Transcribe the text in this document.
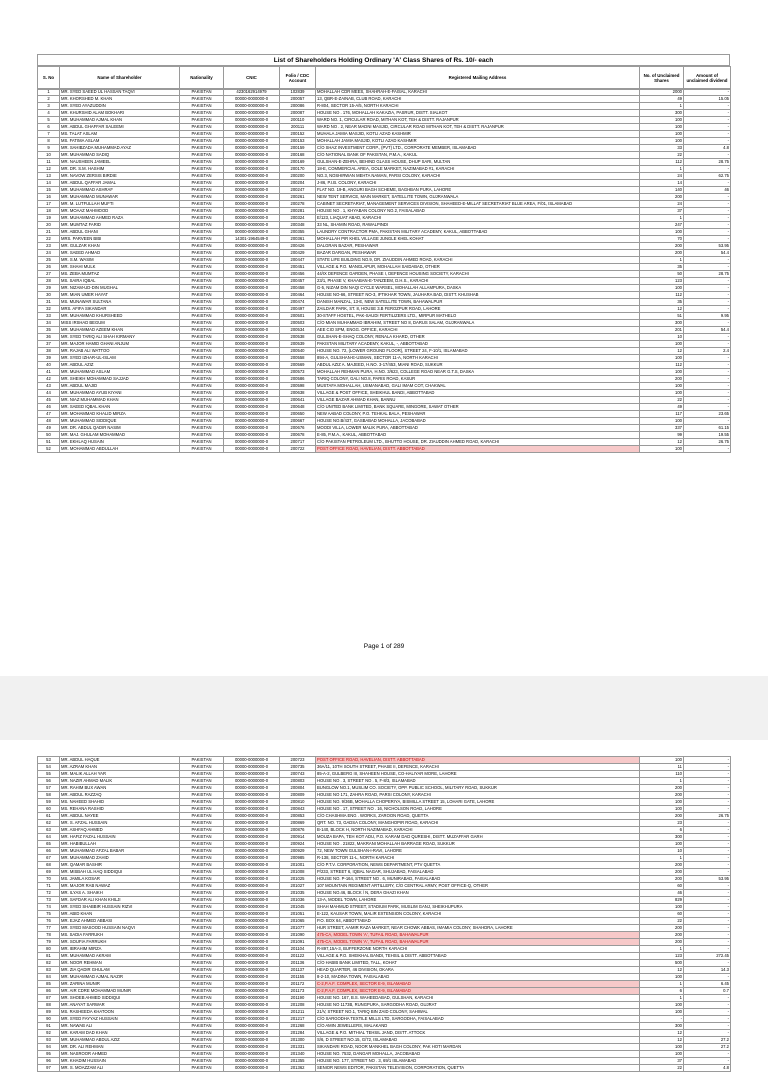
List of Shareholders Holding Ordinary 'A' Class Shares of Rs. 10/- each
S. No	Name of Shareholder	Nationality	CNIC	Folio / CDC Account	Registered Mailing Address	No. of Unclaimed Shares	Amount of unclaimed dividend
1	MR. SYED SAEED UL HASSAN TAQVI	PAKISTAN	4230162914979	102839	MOHALLAH CDR MEES, SHAHRAH-E-FAISAL, KARACHI	2000	-
2	MR. KHORSHED M. KHAN	PAKISTAN	00000-0000000-0	200057	13, QBR-E-ZAINAB, CLUB ROAD, KARACHI	49	15.05
3	MR. SYED AYAZUDDIN	PAKISTAN	00000-0000000-0	200086	R-804, SECTOR 15-A/5, NORTH KARACHI	1	-
4	MR. KHURSHID ALAM BOKHARI	PAKISTAN	00000-0000000-0	200087	HOUSE NO . 176, MOHALLAH KAKAZIA, PASRUR, DISTT. SIALKOT	300	-
5	MR. MUHAMMAD AJMAL KHAN	PAKISTAN	00000-0000000-0	200110	WARD NO. 1, CIRCULAR ROAD, MITHAN KOT, TEH & DISTT. RAJANPUR	100	-
6	MR. ABDUL GHAFFAR SALEEMI	PAKISTAN	00000-0000000-0	200111	WARD NO . 2, NEAR MADNI MASJID, CIRCULAR ROAD MITHAN KOT, TEH & DISTT. RAJANPUR	100	-
7	MS. TALAT ASLAM	PAKISTAN	00000-0000000-0	200152	MUHALA JAMIA MASJID, KOTLI AZAD KASHMIR	100	-
8	MS. FATIMA ASLAM	PAKISTAN	00000-0000000-0	200153	MOHALLAH JAMIA MASJID, KOTLI AZAD KASHMIR	100	-
9	MR. SAHIBZADA MUHAMMAD AYAZ	PAKISTAN	00000-0000000-0	200159	C/O SHAZ INVESTMENT CORP., (PVT) LTD., CORPORATE MEMBER, ISLAMABAD	33	4.8
10	MR. MUHAMMAD SADIQ	PAKISTAN	00000-0000000-0	200168	C/O NATIONAL BANK OF PAKISTAN, P.M.A., KAKUL	22	-
11	MR. NAUSHEEN JAMEEL	PAKISTAN	00000-0000000-0	200169	GULSHAN-E-ZEHRA, BEHIND GLASS HOUSE, DHUP SARI, MULTAN	112	28.75
12	MR. DR. S.M. HASHIM	PAKISTAN	00000-0000000-0	200170	18-E, COMMERCIAL AREA, GOLE MARKET, NAZIMABAD #1, KARACHI	1	-
13	MR. NAVOW ZERSIS BIRDIE	PAKISTAN	00000-0000000-0	200200	NO.3, NOSHIRWAN MEHTA NAMAN, PARSI COLONY, KARACHI	24	62.75
14	MR. ABDUL QAFFAR JAMAL	PAKISTAN	00000-0000000-0	200204	J-86, P.I.B. COLONY, KARACHI	14	-
15	MR. MUHAMMAD ASHRAF	PAKISTAN	00000-0000000-0	200247	FLAT NO. 19-B, ANGURI BAGH SCHEME, BAGHBAN PURA, LAHORE	140	46
16	MR. MUHAMMAD MUNAWAR	PAKISTAN	00000-0000000-0	200261	NEW TENT SERVICE, MAIN MARKET, SATELLITE TOWN, GUJRANWALA	200	-
17	MR. M. LUTFULLAH MUFTI	PAKISTAN	00000-0000000-0	200278	CABINET SECRETARIAT, MANAGEMENT SERVICES DIVISION, SHAHEED-E-MILLAT SECRETARIAT BLUE AREA, F/01, ISLAMABAD	24	-
18	MR. MOAAZ MAHMOOD	PAKISTAN	00000-0000000-0	200281	HOUSE NO . 1, KHYABAN COLONY NO.2, FAISALABAD	37	-
19	MR. MUHAMMAD AHMED RAZA	PAKISTAN	00000-0000000-0	200324	E/123, LIAQUAT ABAD, KARACHI	1	-
20	MR. MUMTAZ FARID	PAKISTAN	00000-0000000-0	200348	33 NL, SHAMIN ROAD, RAWALPINDI	247	-
21	MR. ABDUL GHANI	PAKISTAN	00000-0000000-0	200355	LAUNDRY CONTRACTOR PMA, PAKISTAN MILITARY ACADEMY, KAKUL, ABBOTTABAD	100	-
22	MRS. PARVEEN BIBI	PAKISTAN	14301-1964549-0	200361	MOHALLAH PIR KHEL VILLAGE JUNGLE KHEL KOHAT	70	-
23	MR. GULZAR KHAN	PAKISTAN	00000-0000000-0	200426	DALGRAN BAZAR, PESHAWAR	200	53.95
24	MR. SAEED AHMAD	PAKISTAN	00000-0000000-0	200429	BAZAR DARGAN, PESHAWAR	200	54.4
25	MR. S.M. WASIM	PAKISTAN	00000-0000000-0	200447	STATE LIFE BUILDING NO.9, DR. ZIAUDDIN AHMED ROAD, KARACHI	1	-
26	MR. SHAHI MULK	PAKISTAN	00000-0000000-0	200451	VILLAGE & P.O. MANGLAPUR, MOHALLAH SAIDABAD, OTHER	35	-
27	MS. ZEBA MUMTAZ	PAKISTAN	00000-0000000-0	200456	44/IX DEFENCE GARDEN, PHASE I, DEFENCE HOUSING SOCIETY, KARACHI	50	28.75
28	MS. SAIRA IQBAL	PAKISTAN	00000-0000000-0	200457	23/1, PHASE V, KHAABAN-E-TANZEEM, D.H.S., KARACHI	123	-
29	MR. NIZAM-UD-DIN MUGHAL	PAKISTAN	00000-0000000-0	200458	G-5, NIZAM DIN NAQI CYCLE WARSEL, MOHALLAH ALLAMPURA, DASKA	100	-
30	MR. MIAN UMER HAYAT	PAKISTAN	00000-0000000-0	200464	HOUSE NO-66, STREET NO-3, IFTIKHAR TOWN, JAUHARA BAD, DISTT. KHUSHAB	112	-
31	MS. MUNAWAR SULTANA	PAKISTAN	00000-0000000-0	200474	DANISH MANZAL, 13-E, NEW SATELLITE TOWN, BAHAWALPUR	35	-
32	MRS. AFIFA SIKANDAR	PAKISTAN	00000-0000000-0	200497	ZAILDAR PARK, ST. 8, HOUSE 3.B FEROZPUR ROAD, LAHORE	12	-
33	MR. MUHAMMAD KHURSHEED	PAKISTAN	00000-0000000-0	200501	30-STAFF HOSTEL, PAK-SAUDI FERTILIZERS LTD., MIRPUR MATHELO	51	9.95
34	MISS IRSHAD BEGUM	PAKISTAN	00000-0000000-0	200503	C/O MIAN MUHAMMAD IBRAHIM, STREET NO 8, DARUS SALAM, GUJRANWALA	300	-
35	MR. MUHAMMAD AZEEM KHAN	PAKISTAN	00000-0000000-0	200534	AEE CIO SPM, ENGG. OFFICE, KARACHI	201	54.4
36	MR. SYED TARIQ ALI SHAH KIRMANY	PAKISTAN	00000-0000000-0	200538	GULSHAN-E-SHAQ COLONY, RENALA KHARD, OTHER	10	-
37	MR. MAJOR HAMID GHANI ANJUM	PAKISTAN	00000-0000000-0	200539	PAKISTAN MILITARY ACADEMY, KAKUL, -, ABBOTTABAD	100	-
38	MR. RAJAB ALI WATTOO	PAKISTAN	00000-0000000-0	200540	HOUSE NO. 72, (LOWER GROUND FLOOR), STREET 24, F-10/1, ISLAMABAD	12	2.4
39	MR. SYED IZHAR-UL-ISLAM	PAKISTAN	00000-0000000-0	200558	894-A, GULSHAN-E-USMAN, SECTOR 11-A, NORTH KARACHI	100	-
40	MR. ABDUL AZIZ	PAKISTAN	00000-0000000-0	200569	ABDUL AZIZ A. MAJEED, H.NO. 3-17/453, MIANI ROAD, SUKKUR	112	-
41	MR. MUHAMMAD ASLAM	PAKISTAN	00000-0000000-0	200573	MOHALLAH REHMAN PURA, H.NO. 3/623, COLLEGE ROAD NEAR G.T.S, DASKA	100	-
42	MR. SHEIKH MOHAMMAD SAJJAD	PAKISTAN	00000-0000000-0	200586	TARIQ COLONY, GALI NO.8, PARIS ROAD, KASUR	200	-
43	MR. ABDUL MAJID	PAKISTAN	00000-0000000-0	200598	MUSTAFA MOHALLAH, USMANABAD, GALI IMAM COT, CHAKWAL	100	-
44	MR. MUHAMMAD AYUB KIYANI	PAKISTAN	00000-0000000-0	200638	VILLAGE & POST OFFICE, SHEIKHUL BANDI, ABBOTTABAD	100	-
45	MR. NIAZ MUHAMMAD KHAN	PAKISTAN	00000-0000000-0	200641	VILLAGE BAZAR AHMAD KHAN, BANNU	22	-
46	MR. SAEED IQBAL KHAN	PAKISTAN	00000-0000000-0	200648	C/O UNITED BANK LIMITED, BANK SQUARE, MINGORE, SAWAT OTHER	49	-
47	MR. MOHAMMAD KHALID MIRZA	PAKISTAN	00000-0000000-0	200650	NEW AABAD COLONY, P.O. TEHKAL BALA, PESHAWAR	117	23.65
48	MR. MUHAMMAD SIDDIQUE	PAKISTAN	00000-0000000-0	200667	HOUSE NO.B/437, GASBABAD MOHALLA, JACOBABAD	100	-
49	MR. DR. ABDUL QADIR NASIM	PAKISTAN	00000-0000000-0	200676	MOODI VILLA, LOWER MALIK PURA, ABBOTTABAD	337	61.15
50	MR. MAJ. GHULAM MOHAMMAD	PAKISTAN	00000-0000000-0	200678	E-85, P.M.A., KAKUL, ABBOTTABAD	99	19.55
51	MR. EKHLAQ HUSAIN	PAKISTAN	00000-0000000-0	200717	C/O PAKISTAN PETROLEUM LTD., BHUTTO HOUSE, DR. ZIAUDDIN AHMED ROAD, KARACHI	12	26.75
52	MR. MOHAMMAD ABDULLAH	PAKISTAN	00000-0000000-0	200722	POST OFFICE ROAD, HAVELIAN, DISTT. ABBOTTABAD	100	-
Page 1 of 289
53	MR. ABDUL HAQUE	PAKISTAN	00000-0000000-0	200723	POST OFFICE ROAD, HAVELIAN, DISTT. ABBOTTABAD	100	-
54	MR. AZRAM KHAN	PAKISTAN	00000-0000000-0	200735	36A/11, 10TH SOUTH STREET, PHASE II, DEFENCE, KARACHI	11	-
55	MR. MALIK ALLAH YAR	PAKISTAN	00000-0000000-0	200743	85-A-2, GULBERG III, SHAHEEN HOUSE, CO-HALIYAR MORE, LAHORE	110	-
56	MR. NAZIR AHMAD MALIK	PAKISTAN	00000-0000000-0	200803	HOUSE NO . 3, STREET NO . 5, F-8/3, ISLAMABAD	1	-
57	MR. RAHIM BUX AWAN	PAKISTAN	00000-0000000-0	200804	BUNGLOW NO.1, MUSLIM CO. SOCIETY, OPP. PUBLIC SCHOOL, MILITARY ROAD, SUKKUR	200	-
58	MR. ABDUL RAZZAQ	PAKISTAN	00000-0000000-0	200809	HOUSE NO 171, ZAHRA ROAD, PARSI COLONY, KARACHI	200	-
59	MS. NAHEED SHAHID	PAKISTAN	00000-0000000-0	200810	HOUSE NO. 9/36B, MOHALLA CHOPERIYA, BISMILLA STREET 15, LOHARI GATE, LAHORE	100	-
60	MS. REHANA RASHID	PAKISTAN	00000-0000000-0	200843	HOUSE NO . 17, STREET NO . 16, NICHOLSON ROAD, LAHORE	100	-
61	MR. ABDUL NAYEE	PAKISTAN	00000-0000000-0	200853	C/O CHASHMA ENG . WORKS, ZAROON ROAD, QUETTA	200	26.75
62	MR. S. AFZAL HUSSAIN	PAKISTAN	00000-0000000-0	200869	QRT. NO. 73, GADSA COLONY, MANGHOPIR ROAD, KARACHI	23	-
63	MR. ASHFAQ AHMED	PAKISTAN	00000-0000000-0	200876	B-140, BLOCK H, NORTH NAZIMABAD, KARACHI	6	-
64	MR. HAFIZ FAZAL HUSSAIN	PAKISTAN	00000-0000000-0	200914	MOUZA BAPA, TEH KOT ADU, P.O. KARAM DAD QURESHI, DISTT. MUZAFFAR GARH	300	-
65	MR. HABIBULLAH	PAKISTAN	00000-0000000-0	200924	HOUSE NO . 21822, MAKRANI MOHALLAH BARRAGE ROAD, SUKKUR	100	-
66	MR. MUHAMMAD AFZAL BABAR	PAKISTAN	00000-0000000-0	200929	72, NEW TOWN GULSHAN-I-RAVI, LAHORE	10	-
67	MR. MUHAMMAD ZAHID	PAKISTAN	00000-0000000-0	200985	R-138, SECTOR 11-L, NORTH KARACHI	1	-
68	MR. QAMAR BASHIR	PAKISTAN	00000-0000000-0	201001	C/O P.T.V. CORPORATION, NEWS DEPARTMENT, PTV QUETTA	200	-
69	MR. MISBAH UL HAQ SIDDIQUI	PAKISTAN	00000-0000000-0	201008	P/233, STREET 6, IQBAL NAGAR, SHUJABAD, FAISALABAD	200	-
70	MS. JAMILA KOSAR	PAKISTAN	00000-0000000-0	201025	HOUSE NO. P-164, STREET NO . 6, MUNIRABAD, FAISALABAD	200	53.95
71	MR. MAJOR RAB NAWAZ	PAKISTAN	00000-0000000-0	201027	107 MOUNTAIN REGIMENT ARTILLERY, C/O CENTRAL ARMY, POST OFFICE-Q, OTHER	60	-
72	MR. ILYAS A. SHAIKH	PAKISTAN	00000-0000000-0	201035	HOUSE NO.46, BLOCK / N, DERA GHAZI KHAN	46	-
73	MR. SAFDAR ALI KHAN KHILJI	PAKISTAN	00000-0000000-0	201036	13-A, MODEL TOWN, LAHORE	829	-
74	MR. SYED SHABBIR HUSSAIN RIZVI	PAKISTAN	00000-0000000-0	201045	SHAH MAHMUD STREET, STADIUM PARK, MUSLIM GANJ, SHEIKHUPURA	100	-
75	MR. ABID KHAN	PAKISTAN	00000-0000000-0	201051	E-122, KAUSAR TOWN, MALIR EXTENSION COLONY, KARACHI	60	-
76	MR. EJAZ AHMED ABBASI	PAKISTAN	00000-0000000-0	201065	P.O. BOX 64, ABBOTTABAD	22	-
77	MR. SYED MASOOD HUSSAIN NAQVI	PAKISTAN	00000-0000000-0	201077	HUR STREET, AAMIR RAZA MARKET, NEAR CHOWK ABBAS, IMAMIA COLONY, SHAHDRA, LAHORE	200	-
78	MS. SADIA FARRUKH	PAKISTAN	00000-0000000-0	201090	475-CA, MODEL TOWN 'A', TUFAIL ROAD, BAHAWALPUR	200	-
79	MR. SOUFIA FARRUKH	PAKISTAN	00000-0000000-0	201091	475-CA, MODEL TOWN 'A', TUFAIL ROAD, BAHAWALPUR	200	-
80	MR. IBRAHIM MIRZA	PAKISTAN	00000-0000000-0	201104	R-897,15A-3, BUFFERZONE NORTH KARACHI	1	-
81	MR. MUHAMMAD AKRAM	PAKISTAN	00000-0000000-0	201122	VILLAGE & P.O. SHEIKHAL BANDI, TEHSIL & DISTT. ABBOTTABAD	123	272.45
82	MR. NOOR REHMAN	PAKISTAN	00000-0000000-0	201136	C/O HABIB BANK LIMITED, TALL, KOHAT	500	-
83	MR. ZIA QADIR GHULAM	PAKISTAN	00000-0000000-0	201137	HEAD QUARTER, 46 DIVISION, OKARA	12	14.3
84	MR. MUHAMMAD AJMAL NAZIR	PAKISTAN	00000-0000000-0	201155	8-2-10, MADINA TOWN, FAISALABAD	100	-
85	MR. ZARINA MUNIR	PAKISTAN	00000-0000000-0	201172	C-2,P.A.F. COMPLEX, SECTOR E-9, ISLAMABAD	1	6.45
86	MR. AIR CDRE MOHAMMAD MUNIR	PAKISTAN	00000-0000000-0	201173	C-2,P.A.F. COMPLEX, SECTOR E-9, ISLAMABAD	6	0.7
87	MR. SHOEB AHMED SIDDIQUI	PAKISTAN	00000-0000000-0	201190	HOUSE NO. 167, B.S. WAHEEDABAD, GULSHAN, KARACHI	1	-
88	MR. ANAYAT SARWAR	PAKISTAN	00000-0000000-0	201208	HOUSE NO 1173B, RUNGPURA, SARGODHA ROAD, GUJRAT	100	-
89	MS. RASHEEDA KHATOON	PAKISTAN	00000-0000000-0	201211	21/V, STREET NO.1, TARIQ BIN ZAID COLONY, SAHIWAL	100	-
90	MR. SYED FAYYAZ HUSSAIN	PAKISTAN	00000-0000000-0	201217	C/O SARGODHA TEXTILE MILLS LTD, SARGODHA, FAISALABAD	-	-
91	MR. NAWAB ALI	PAKISTAN	00000-0000000-0	201268	C/O AMIN JEWELLERS, MALAKAND	300	-
92	MR. KARAM DAD KHAN	PAKISTAN	00000-0000000-0	201284	VILLAGE & P.O. MITHIAL TEHSIL JAND, DISTT. ATTOCK	12	-
93	MR. MUHAMMAD ABDUL AZIZ	PAKISTAN	00000-0000000-0	201300	S/6, D STREET NO.15, G/72, ISLAMABAD	12	27.2
94	MR. DR. ALI REHMAN	PAKISTAN	00000-0000000-0	201331	SIKANDARI ROAD, NOOR MANKHEL BAGH COLONY, PAK HOTI MARDAN	100	27.2
95	MR. NASROOR AHMED	PAKISTAN	00000-0000000-0	201340	HOUSE NO. 7532, DANGAR MOHALLA, JACOBABAD	100	-
96	MR. KHADIM HUSSAIN	PAKISTAN	00000-0000000-0	201355	HOUSE NO. 177, STREET NO . 3, 69/1 ISLAMABAD	37	-
97	MR. S. MOAZZAM ALI	PAKISTAN	00000-0000000-0	201362	SENIOR NEWS EDITOR, PAKISTAN TELEVISION, CORPORATION, QUETTA	22	4.8
